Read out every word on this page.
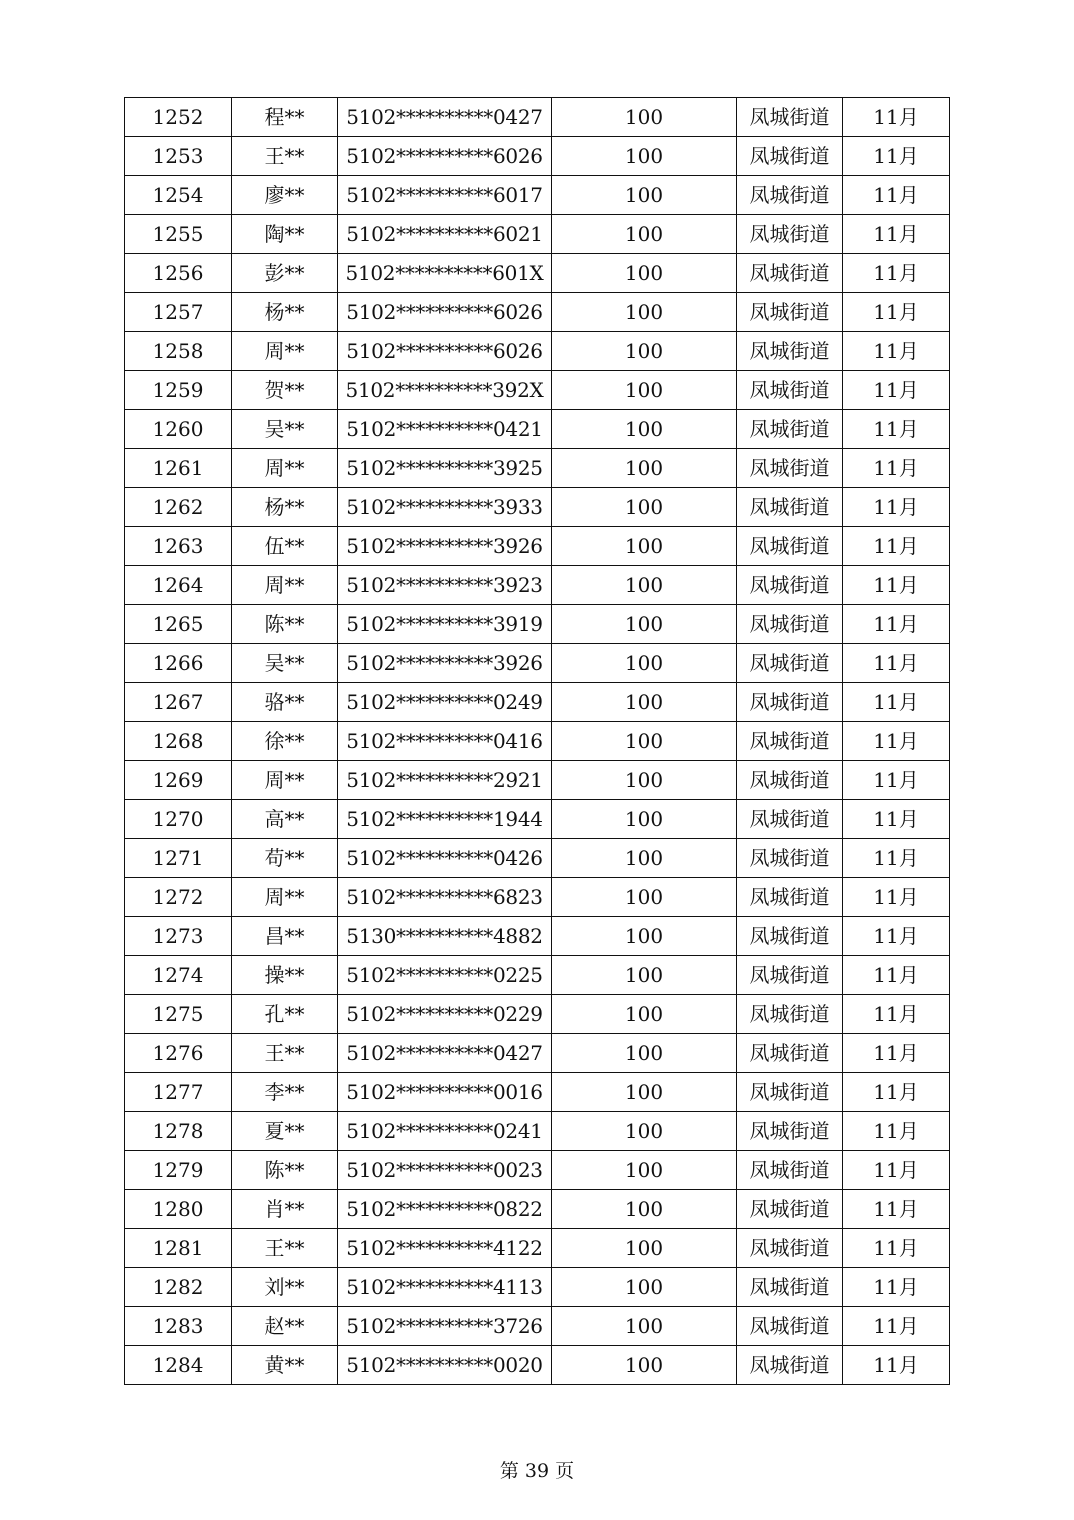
1252	程**	5102**********0427	100	凤城街道	11月
1253	王**	5102**********6026	100	凤城街道	11月
1254	廖**	5102**********6017	100	凤城街道	11月
1255	陶**	5102**********6021	100	凤城街道	11月
1256	彭**	5102**********601X	100	凤城街道	11月
1257	杨**	5102**********6026	100	凤城街道	11月
1258	周**	5102**********6026	100	凤城街道	11月
1259	贺**	5102**********392X	100	凤城街道	11月
1260	吴**	5102**********0421	100	凤城街道	11月
1261	周**	5102**********3925	100	凤城街道	11月
1262	杨**	5102**********3933	100	凤城街道	11月
1263	伍**	5102**********3926	100	凤城街道	11月
1264	周**	5102**********3923	100	凤城街道	11月
1265	陈**	5102**********3919	100	凤城街道	11月
1266	吴**	5102**********3926	100	凤城街道	11月
1267	骆**	5102**********0249	100	凤城街道	11月
1268	徐**	5102**********0416	100	凤城街道	11月
1269	周**	5102**********2921	100	凤城街道	11月
1270	高**	5102**********1944	100	凤城街道	11月
1271	苟**	5102**********0426	100	凤城街道	11月
1272	周**	5102**********6823	100	凤城街道	11月
1273	昌**	5130**********4882	100	凤城街道	11月
1274	操**	5102**********0225	100	凤城街道	11月
1275	孔**	5102**********0229	100	凤城街道	11月
1276	王**	5102**********0427	100	凤城街道	11月
1277	李**	5102**********0016	100	凤城街道	11月
1278	夏**	5102**********0241	100	凤城街道	11月
1279	陈**	5102**********0023	100	凤城街道	11月
1280	肖**	5102**********0822	100	凤城街道	11月
1281	王**	5102**********4122	100	凤城街道	11月
1282	刘**	5102**********4113	100	凤城街道	11月
1283	赵**	5102**********3726	100	凤城街道	11月
1284	黄**	5102**********0020	100	凤城街道	11月
第 39 页
